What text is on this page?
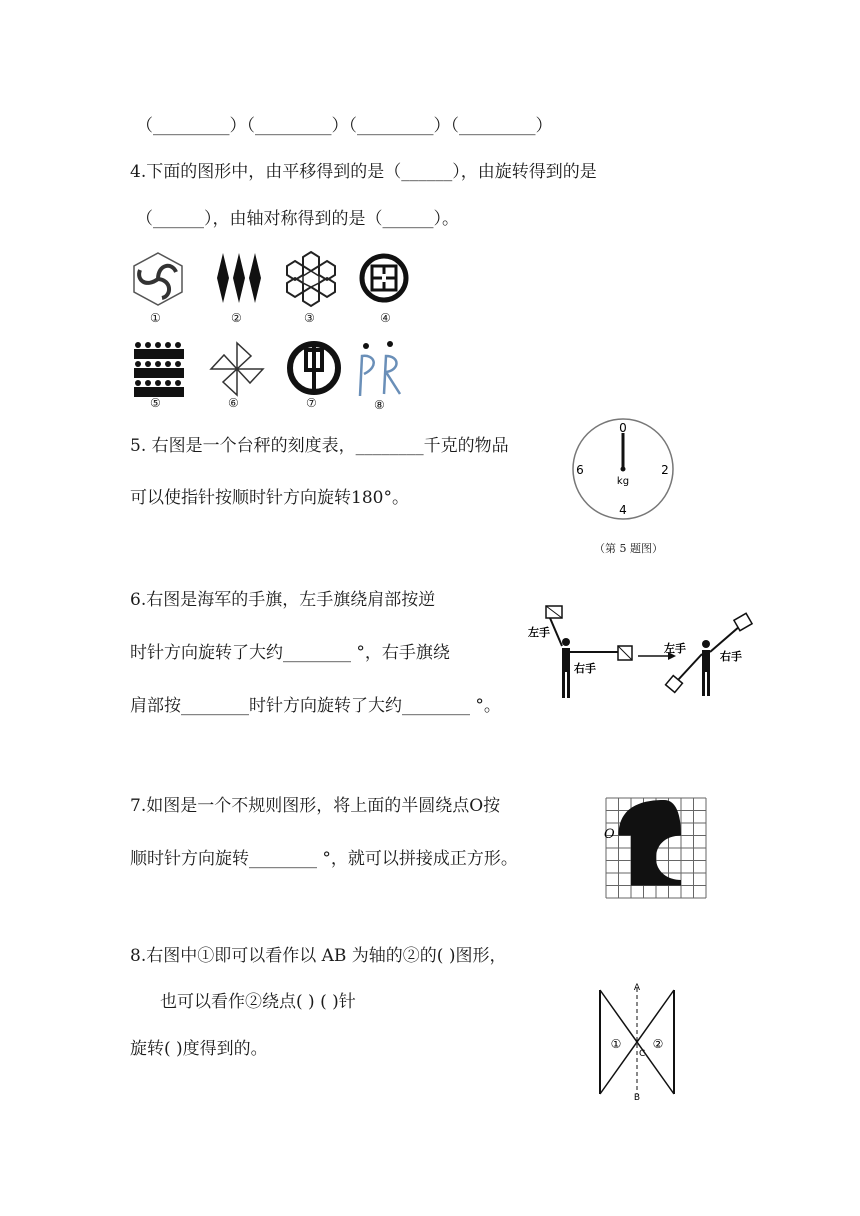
（_________）（_________）（_________）（_________）
4.下面的图形中，由平移得到的是（______），由旋转得到的是
（______），由轴对称得到的是（______）。
①	②	③	④
⑤	⑥	⑦	⑧
5. 右图是一个台秤的刻度表，________千克的物品
可以使指针按顺时针方向旋转180°。
0
2
4
6
kg
（第 5 题图）
6.右图是海军的手旗，左手旗绕肩部按逆
时针方向旋转了大约________ °，右手旗绕
肩部按________时针方向旋转了大约________ °。
左手
右手
左手
右手
7.如图是一个不规则图形，将上面的半圆绕点O按
顺时针方向旋转________ °，就可以拼接成正方形。
O
8.右图中①即可以看作以 AB 为轴的②的( )图形，
也可以看作②绕点( ) ( )针
旋转( )度得到的。
A
B
C
①	②
